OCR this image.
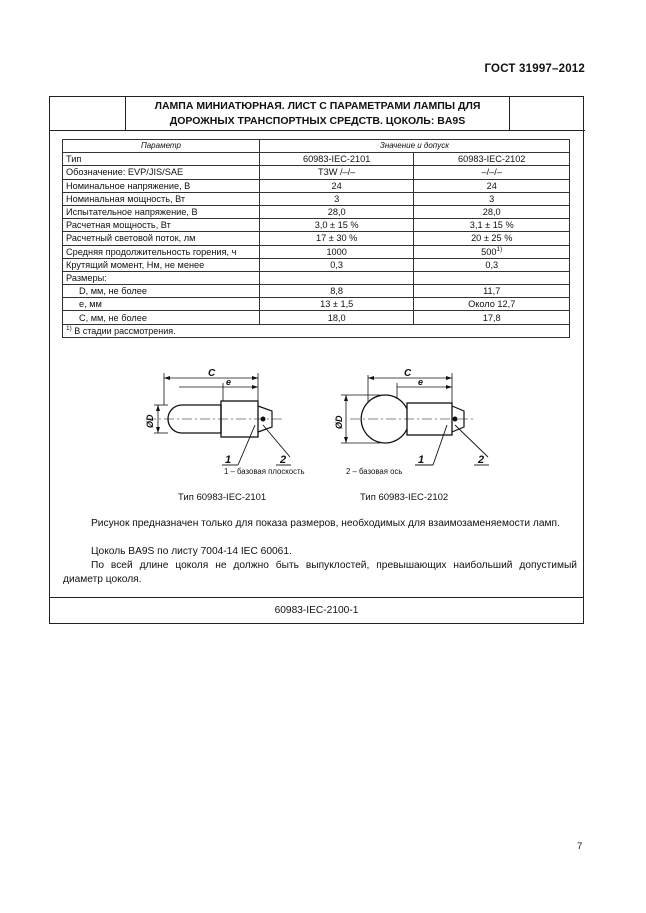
ГОСТ 31997–2012
ЛАМПА МИНИАТЮРНАЯ. ЛИСТ С ПАРАМЕТРАМИ ЛАМПЫ ДЛЯ
ДОРОЖНЫХ ТРАНСПОРТНЫХ СРЕДСТВ. ЦОКОЛЬ: BA9S
Параметр	Значение и допуск	
Тип	60983-IEC-2101	60983-IEC-2102
Обозначение: EVP/JIS/SAE	T3W /–/–	–/–/–
Номинальное напряжение, В	24	24
Номинальная мощность, Вт	3	3
Испытательное напряжение, В	28,0	28,0
Расчетная мощность, Вт	3,0 ± 15 %	3,1 ± 15 %
Расчетный световой поток, лм	17 ± 30 %	20 ± 25 %
Средняя продолжительность горения, ч	1000	500$^{1)}$
Крутящий момент, Нм, не менее	0,3	0,3
Размеры:		
D, мм, не более	8,8	11,7
e, мм	13 ± 1,5	Около 12,7
C, мм, не более	18,0	17,8
$^{1)}$ В стадии рассмотрения.		
C
e
ØD
1	2
C
e
ØD
1	2
1 – базовая плоскость	2 – базовая ось
Тип 60983-IEC-2101	Тип 60983-IEC-2102
Рисунок предназначен только для показа размеров, необходимых для взаимозаменяемости ламп.
Цоколь BA9S по листу 7004-14 IEC 60061.
По всей длине цоколя не должно быть выпуклостей, превышающих наибольший допустимый диаметр цоколя.
60983-IEC-2100-1
7
